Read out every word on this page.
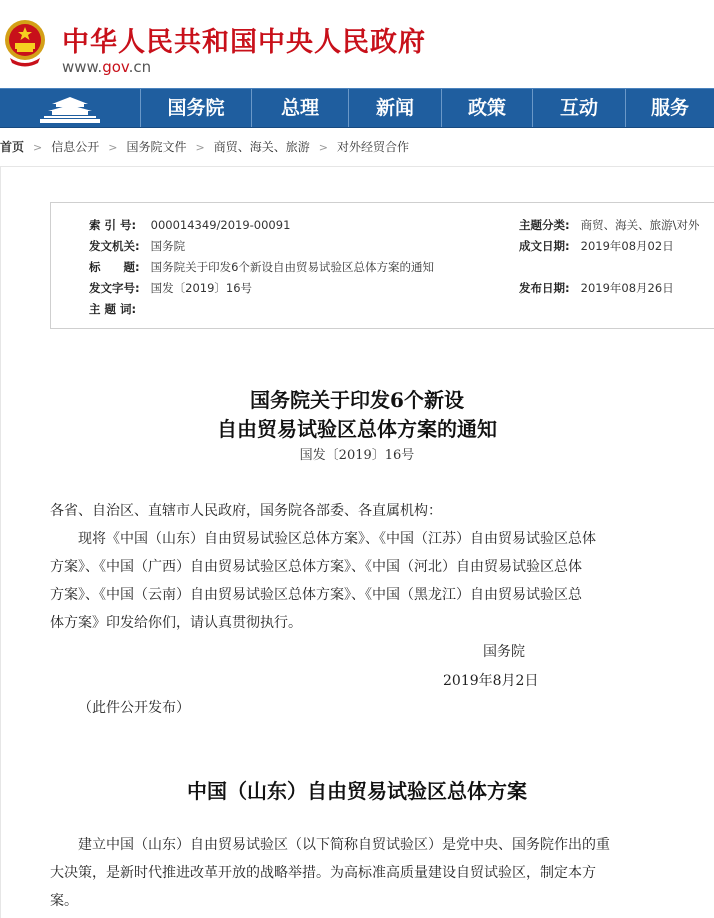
中华人民共和国中央人民政府
www.gov.cn
国务院	总理	新闻	政策	互动	服务
首页 > 信息公开 > 国务院文件 > 商贸、海关、旅游 > 对外经贸合作
索 引 号: 000014349/2019-00091
发文机关: 国务院
标　　题: 国务院关于印发6个新设自由贸易试验区总体方案的通知
发文字号: 国发〔2019〕16号
主 题 词:
主题分类: 商贸、海关、旅游\对外
成文日期: 2019年08月02日
发布日期: 2019年08月26日
国务院关于印发6个新设
自由贸易试验区总体方案的通知
国发〔2019〕16号
各省、自治区、直辖市人民政府，国务院各部委、各直属机构：
　　现将《中国（山东）自由贸易试验区总体方案》、《中国（江苏）自由贸易试验区总体
方案》、《中国（广西）自由贸易试验区总体方案》、《中国（河北）自由贸易试验区总体
方案》、《中国（云南）自由贸易试验区总体方案》、《中国（黑龙江）自由贸易试验区总
体方案》印发给你们，请认真贯彻执行。
国务院
2019年8月2日
（此件公开发布）
中国（山东）自由贸易试验区总体方案
　　建立中国（山东）自由贸易试验区（以下简称自贸试验区）是党中央、国务院作出的重
大决策，是新时代推进改革开放的战略举措。为高标准高质量建设自贸试验区，制定本方
案。
